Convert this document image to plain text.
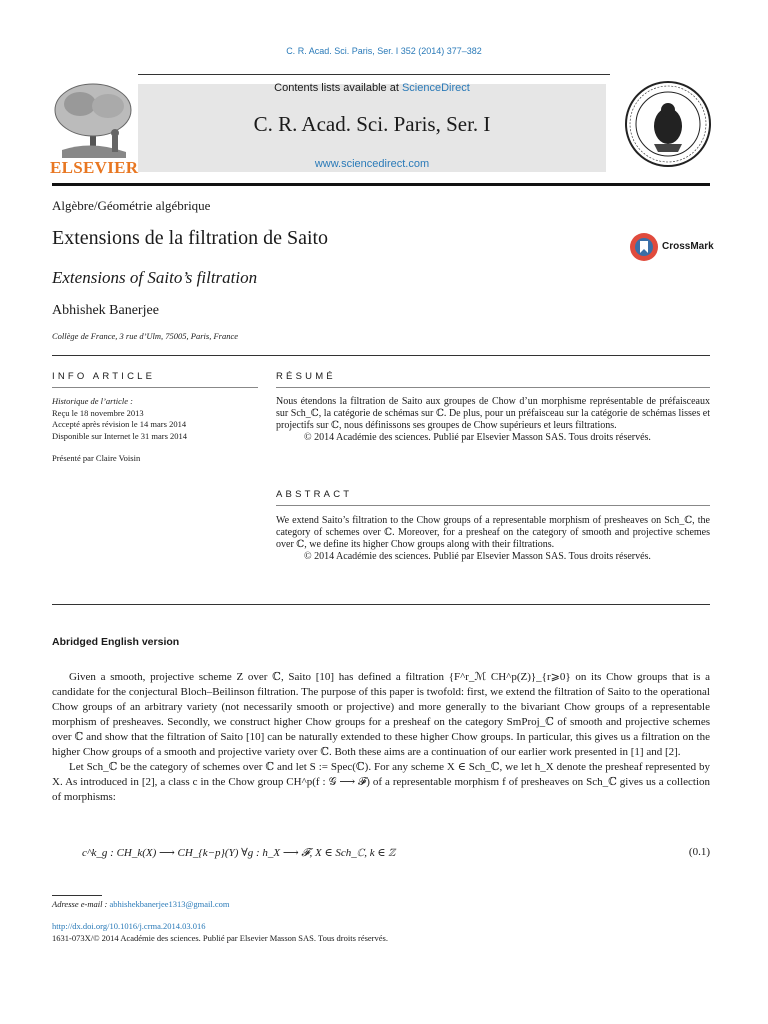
C. R. Acad. Sci. Paris, Ser. I 352 (2014) 377–382
Contents lists available at ScienceDirect
C. R. Acad. Sci. Paris, Ser. I
www.sciencedirect.com
ELSEVIER
Algèbre/Géométrie algébrique
Extensions de la filtration de Saito	CrossMark
Extensions of Saito’s filtration
Abhishek Banerjee
Collège de France, 3 rue d’Ulm, 75005, Paris, France
INFO ARTICLE
Historique de l’article :
Reçu le 18 novembre 2013
Accepté après révision le 14 mars 2014
Disponible sur Internet le 31 mars 2014
Présenté par Claire Voisin
RÉSUMÉ
Nous étendons la filtration de Saito aux groupes de Chow d’un morphisme représentable de préfaisceaux sur Sch_ℂ, la catégorie de schémas sur ℂ. De plus, pour un préfaisceau sur la catégorie de schémas lisses et projectifs sur ℂ, nous définissons ses groupes de Chow supérieurs et leurs filtrations.
© 2014 Académie des sciences. Publié par Elsevier Masson SAS. Tous droits réservés.
ABSTRACT
We extend Saito’s filtration to the Chow groups of a representable morphism of presheaves on Sch_ℂ, the category of schemes over ℂ. Moreover, for a presheaf on the category of smooth and projective schemes over ℂ, we define its higher Chow groups along with their filtrations.
© 2014 Académie des sciences. Publié par Elsevier Masson SAS. Tous droits réservés.
Abridged English version

Given a smooth, projective scheme Z over ℂ, Saito [10] has defined a filtration {F^r_ℳ CH^p(Z)}_{r⩾0} on its Chow groups that is a candidate for the conjectural Bloch–Beilinson filtration. The purpose of this paper is twofold: first, we extend the filtration of Saito to the operational Chow groups of an arbitrary variety (not necessarily smooth or projective) and more generally to the bivariant Chow groups of a representable morphism of presheaves. Secondly, we construct higher Chow groups for a presheaf on the category SmProj_ℂ of smooth and projective schemes over ℂ and show that the filtration of Saito [10] can be naturally extended to these higher Chow groups. In particular, this gives us a filtration on the higher Chow groups of a smooth and projective variety over ℂ. Both these aims are a continuation of our earlier work presented in [1] and [2].

Let Sch_ℂ be the category of schemes over ℂ and let S := Spec(ℂ). For any scheme X ∈ Sch_ℂ, we let h_X denote the presheaf represented by X. As introduced in [2], a class c in the Chow group CH^p(f : 𝒢 ⟶ 𝓕) of a representable morphism f of presheaves on Sch_ℂ gives us a collection of morphisms:

c^k_g : CH_k(X) ⟶ CH_{k−p}(Y) ∀g : h_X ⟶ 𝓕, X ∈ Sch_ℂ, k ∈ ℤ	(0.1)
Adresse e-mail : abhishekbanerjee1313@gmail.com
http://dx.doi.org/10.1016/j.crma.2014.03.016
1631-073X/© 2014 Académie des sciences. Publié par Elsevier Masson SAS. Tous droits réservés.
